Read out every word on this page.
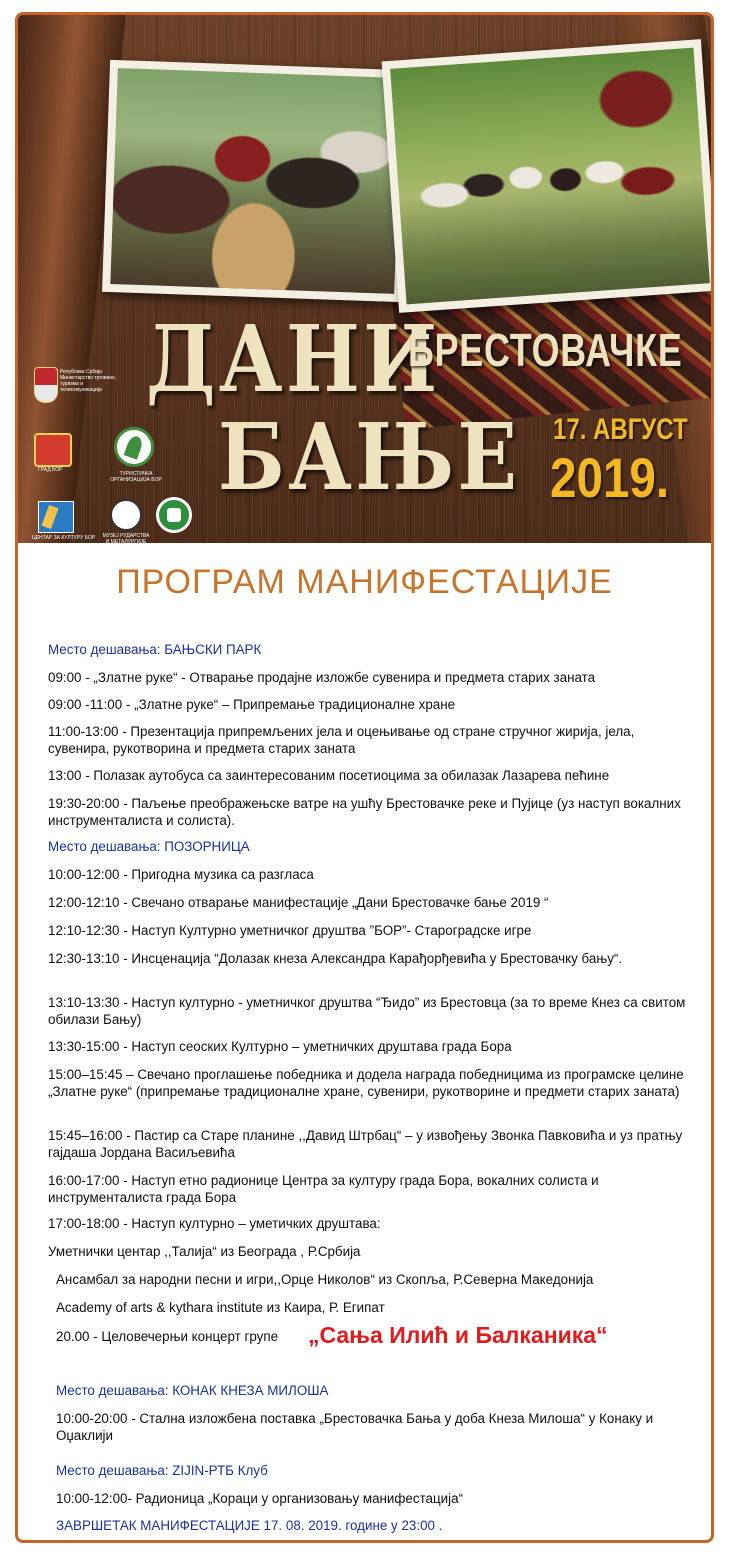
ДАНИ
БРЕСТОВАЧКЕ
БАЊЕ 17. АВГУСТ
2019.
Република Србија Министарство трговине, туризма и телекомуникација
ГРАД БОР
ТУРИСТИЧКА ОРГАНИЗАЦИЈА БОР
ЦЕНТАР ЗА КУЛТУРУ БОР МУЗЕЈ РУДАРСТВА И МЕТАЛУРГИЈЕ БОР
ПРОГРАМ МАНИФЕСТАЦИЈЕ
Место дешавања: БАЊСКИ ПАРК
09:00 - „Златне руке“ - Отварање продајне изложбе сувенира и предмета старих заната
09:00 -11:00 - „Златне руке“ – Припремање традиционалне хране
11:00-13:00 - Презентација припремљених јела и оцењивање од стране стручног жирија, јела, сувенира, рукотворина и предмета старих заната
13:00 - Полазак аутобуса са заинтересованим посетиоцима за обилазак Лазарева пећине
19:30-20:00 - Паљење преображењске ватре на ушћу Брестовачке реке и Пујице (уз наступ вокалних инструменталиста и солиста).
Место дешавања: ПОЗОРНИЦА
10:00-12:00 - Пригодна музика са разгласа
12:00-12:10 - Свечано отварање манифестације „Дани Брестовачке бање 2019 “
12:10-12:30 - Наступ Културно уметничког друштва ”БОР”- Староградске игре
12:30-13:10 - Инсценација “Долазак кнеза Александра Карађорђевића у Брестовачку бању“.
13:10-13:30 - Наступ културно - уметничког друштва “Ђидо” из Брестовца (за то време Кнез са свитом обилази Бању)
13:30-15:00 - Наступ сеоских Културно – уметничких друштава града Бора
15:00–15:45 – Свечано проглашење победника и додела награда победницима из програмске целине „Златне руке“ (припремање традиционалне хране, сувенири, рукотворине и предмети старих заната)
15:45–16:00 - Пастир са Старе планине ,,Давид Штрбац“ – у извођењу Звонка Павковића и уз пратњу гајдаша Јордана Васиљевића
16:00-17:00 - Наступ етно радионице Центра за културу града Бора, вокалних солиста и инструменталиста града Бора
17:00-18:00 - Наступ културно – уметичких друштава:
Уметнички центар ,,Талија“ из Београда , Р.Србија
Ансамбал за народни песни и игри,,Орце Николов“ из Скопља, Р.Северна Македонија
Academy of arts & kythara institute из Каира, Р. Египат
20.00 - Целовечерњи концерт групе „Сања Илић и Балканика“
Место дешавања: КОНАК КНЕЗА МИЛОША
10:00-20:00 - Стална изложбена поставка „Брестовачка Бања у доба Кнеза Милоша“ у Конаку и Оџаклији
Место дешавања: ZIJIN-РТБ Клуб
10:00-12:00- Радионица „Кораци у организовању манифестација“
ЗАВРШЕТАК МАНИФЕСТАЦИЈЕ 17. 08. 2019. године у 23:00 .
